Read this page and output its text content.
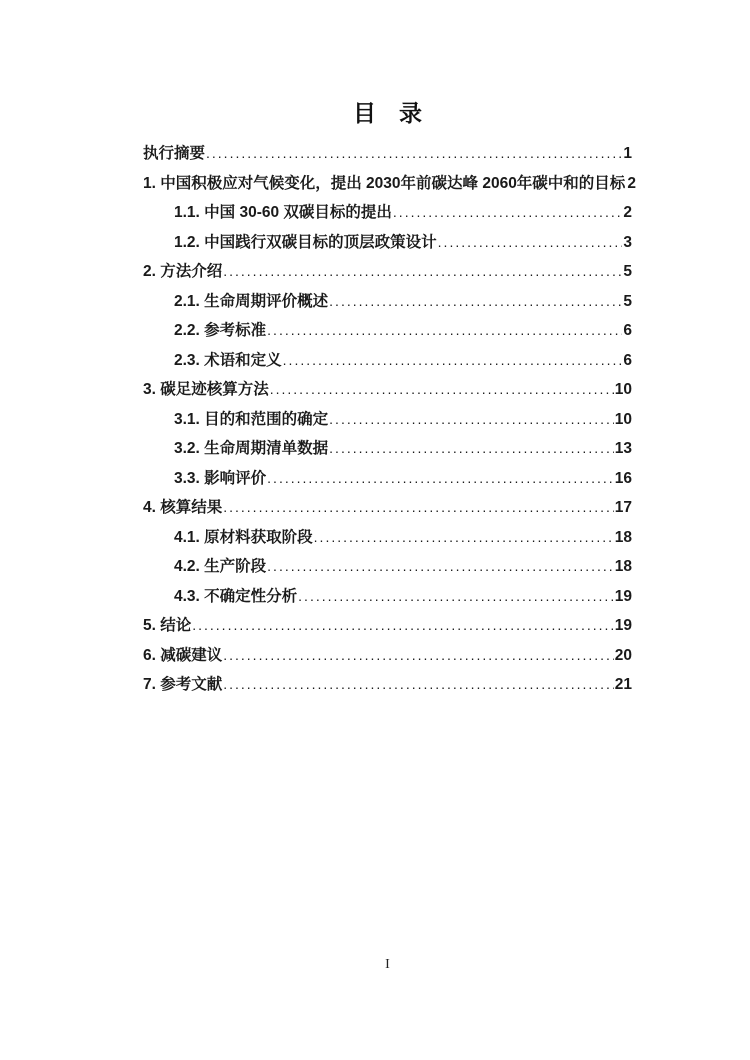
目　录
执行摘要 .....	1
1. 中国积极应对气候变化，提出 2030年前碳达峰 2060年碳中和的目标 2
1.1. 中国 30-60 双碳目标的提出 .....	2
1.2. 中国践行双碳目标的顶层政策设计 .....	3
2. 方法介绍 .....	5
2.1. 生命周期评价概述 .....	5
2.2. 参考标准 .....	6
2.3. 术语和定义 .....	6
3. 碳足迹核算方法 .....	10
3.1. 目的和范围的确定 .....	10
3.2. 生命周期清单数据 .....	13
3.3. 影响评价 .....	16
4. 核算结果 .....	17
4.1. 原材料获取阶段 .....	18
4.2. 生产阶段 .....	18
4.3. 不确定性分析 .....	19
5. 结论 .....	19
6. 减碳建议 .....	20
7. 参考文献 .....	21
I
